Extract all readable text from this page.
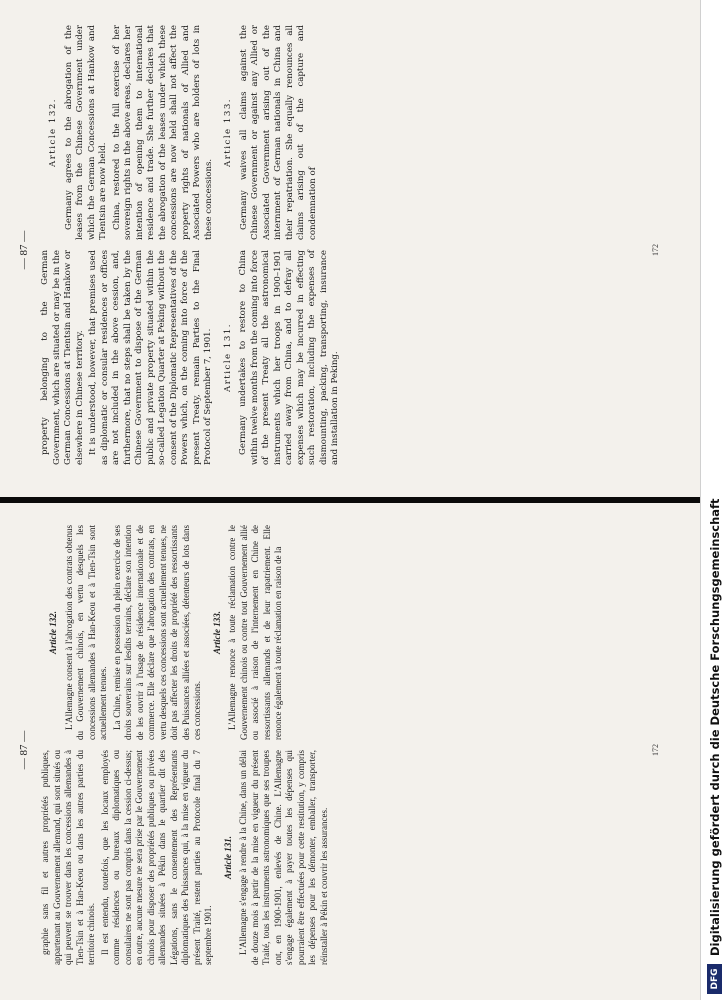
— 87 — graphie sans fil et autres propriétés publiques, appartenant au Gouvernement allemand, qui sont situés ou qui peuvent se trouver dans les concessions allemandes à Tien-Tsin et à Han-Keou ou dans les autres parties du territoire chinois. Il est entendu, toutefois, que les locaux employés comme résidences ou bureaux diplomatiques ou consulaires ne sont pas compris dans la cession ci-dessus; en outre, aucune mesure ne sera prise par le Gouvernement chinois pour disposer des propriétés publiques ou privées allemandes situées à Pékin dans le quartier dit des Légations, sans le consentement des Représentants diplomatiques des Puissances qui, à la mise en vigueur du présent Traité, restent parties au Protocole final du 7 septembre 1901.

Article 131. L'Allemagne s'engage à rendre à la Chine, dans un délai de douze mois à partir de la mise en vigueur du présent Traité, tous les instruments astronomiques que ses troupes ont, en 1900-1901, enlevés de Chine. L'Allemagne s'engage également à payer toutes les dépenses qui pourraient être effectuées pour cette restitution, y compris les dépenses pour les démonter, emballer, transporter, réinstaller à Pékin et couvrir les assurances.

Article 132. L'Allemagne consent à l'abrogation des contrats obtenus du Gouvernement chinois, en vertu desquels les concessions allemandes à Han-Keou et à Tien-Tsin sont actuellement tenues. La Chine, remise en possession du plein exercice de ses droits souverains sur lesdits terrains, déclare son intention de les ouvrir à l'usage de résidence internationale et de commerce. Elle déclare que l'abrogation des contrats, en vertu desquels ces concessions sont actuellement tenues, ne doit pas affecter les droits de propriété des ressortissants des Puissances alliées et associées, détenteurs de lots dans ces concessions.

Article 133. L'Allemagne renonce à toute réclamation contre le Gouvernement chinois ou contre tout Gouvernement allié ou associé à raison de l'internement en Chine de ressortissants allemands et de leur rapatriement. Elle renonce également à toute réclamation en raison de la

172
— 87 — property belonging to the German Government, which are situated or may be in the German Concessions at Tientsin and Hankow or elsewhere in Chinese territory. It is understood, however, that premises used as diplomatic or consular residences or offices are not included in the above cession, and, furthermore, that no steps shall be taken by the Chinese Government to dispose of the German public and private property situated within the so-called Legation Quarter at Peking without the consent of the Diplomatic Representatives of the Powers which, on the coming into force of the present Treaty, remain Parties to the Final Protocol of September 7, 1901. Article 131. Germany undertakes to restore to China within twelve months from the coming into force of the present Treaty all the astronomical instruments which her troops in 1900–1901 carried away from China, and to defray all expenses which may be incurred in effecting such restoration, including the expenses of dismounting, packing, transporting, insurance and installation in Peking.

Article 132. Germany agrees to the abrogation of the leases from the Chinese Government under which the German Concessions at Hankow and Tientsin are now held. China, restored to the full exercise of her sovereign rights in the above areas, declares her intention of opening them to international residence and trade. She further declares that the abrogation of the leases under which these concessions are now held shall not affect the property rights of nationals of Allied and Associated Powers who are holders of lots in these concessions.

Article 133. Germany waives all claims against the Chinese Government or against any Allied or Associated Government arising out of the internment of German nationals in China and their repatriation. She equally renounces all claims arising out of the capture and condemnation of

172
DFG
Digitalisierung gefördert durch die Deutsche Forschungsgemeinschaft
